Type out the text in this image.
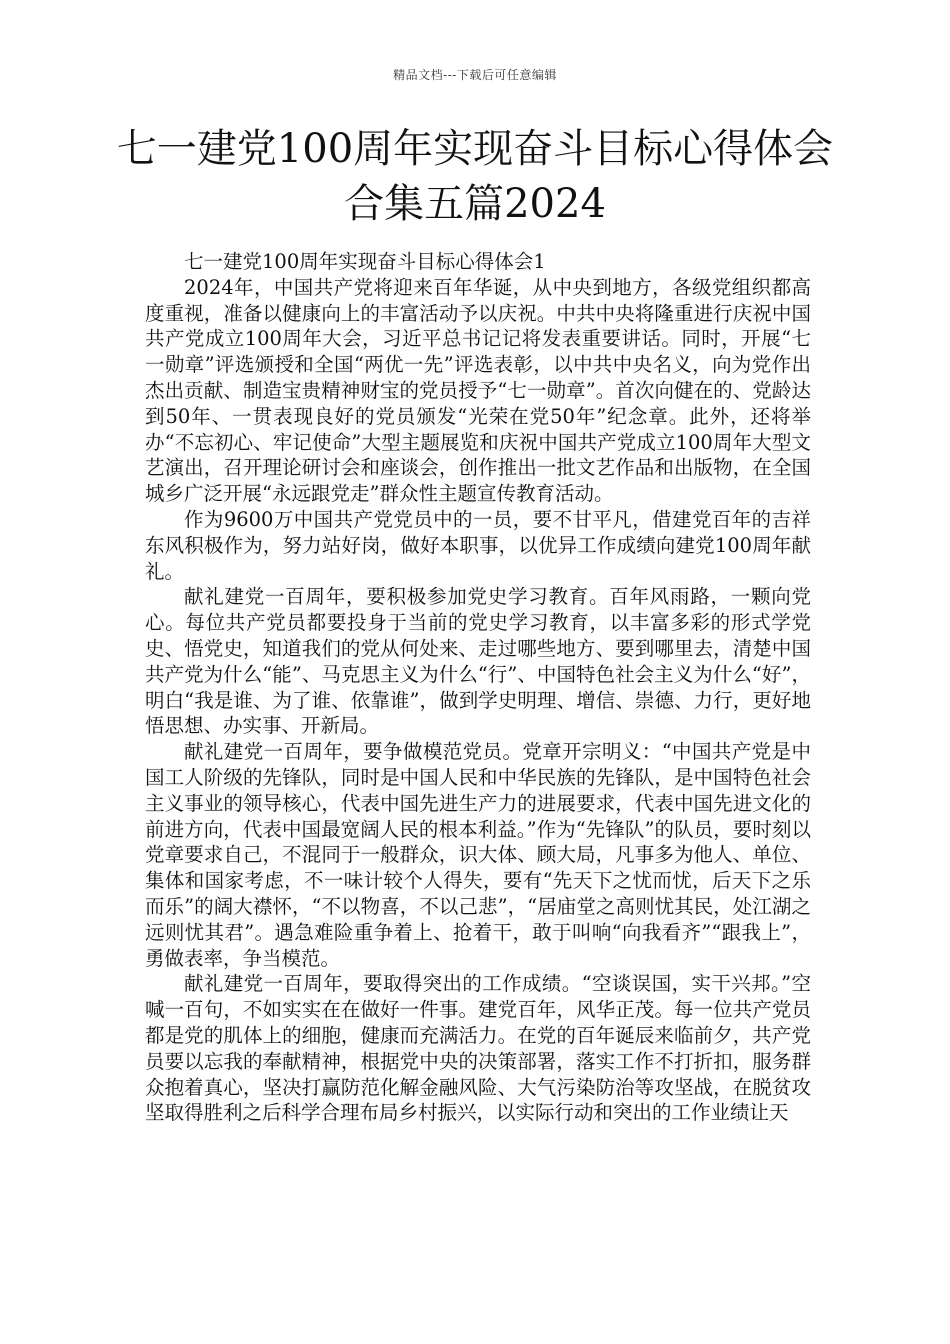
精品文档---下载后可任意编辑
七一建党100周年实现奋斗目标心得体会
合集五篇2024

七一建党100周年实现奋斗目标心得体会1

2024年，中国共产党将迎来百年华诞，从中央到地方，各级党组织都高度重视，准备以健康向上的丰富活动予以庆祝。中共中央将隆重进行庆祝中国共产党成立100周年大会，习近平总书记记将发表重要讲话。同时，开展“七一勋章”评选颁授和全国“两优一先”评选表彰，以中共中央名义，向为党作出杰出贡献、制造宝贵精神财宝的党员授予“七一勋章”。首次向健在的、党龄达到50年、一贯表现良好的党员颁发“光荣在党50年”纪念章。此外，还将举办“不忘初心、牢记使命”大型主题展览和庆祝中国共产党成立100周年大型文艺演出，召开理论研讨会和座谈会，创作推出一批文艺作品和出版物，在全国城乡广泛开展“永远跟党走”群众性主题宣传教育活动。

作为9600万中国共产党党员中的一员，要不甘平凡，借建党百年的吉祥东风积极作为，努力站好岗，做好本职事，以优异工作成绩向建党100周年献礼。

献礼建党一百周年，要积极参加党史学习教育。百年风雨路，一颗向党心。每位共产党员都要投身于当前的党史学习教育，以丰富多彩的形式学党史、悟党史，知道我们的党从何处来、走过哪些地方、要到哪里去，清楚中国共产党为什么“能”、马克思主义为什么“行”、中国特色社会主义为什么“好”，明白“我是谁、为了谁、依靠谁”，做到学史明理、增信、崇德、力行，更好地悟思想、办实事、开新局。

献礼建党一百周年，要争做模范党员。党章开宗明义：“中国共产党是中国工人阶级的先锋队，同时是中国人民和中华民族的先锋队，是中国特色社会主义事业的领导核心，代表中国先进生产力的进展要求，代表中国先进文化的前进方向，代表中国最宽阔人民的根本利益。”作为“先锋队”的队员，要时刻以党章要求自己，不混同于一般群众，识大体、顾大局，凡事多为他人、单位、集体和国家考虑，不一味计较个人得失，要有“先天下之忧而忧，后天下之乐而乐”的阔大襟怀，“不以物喜，不以己悲”，“居庙堂之高则忧其民，处江湖之远则忧其君”。遇急难险重争着上、抢着干，敢于叫响“向我看齐”“跟我上”，勇做表率，争当模范。

献礼建党一百周年，要取得突出的工作成绩。“空谈误国，实干兴邦。”空喊一百句，不如实实在在做好一件事。建党百年，风华正茂。每一位共产党员都是党的肌体上的细胞，健康而充满活力。在党的百年诞辰来临前夕，共产党员要以忘我的奉献精神，根据党中央的决策部署，落实工作不打折扣，服务群众抱着真心，坚决打赢防范化解金融风险、大气污染防治等攻坚战，在脱贫攻坚取得胜利之后科学合理布局乡村振兴，以实际行动和突出的工作业绩让天
